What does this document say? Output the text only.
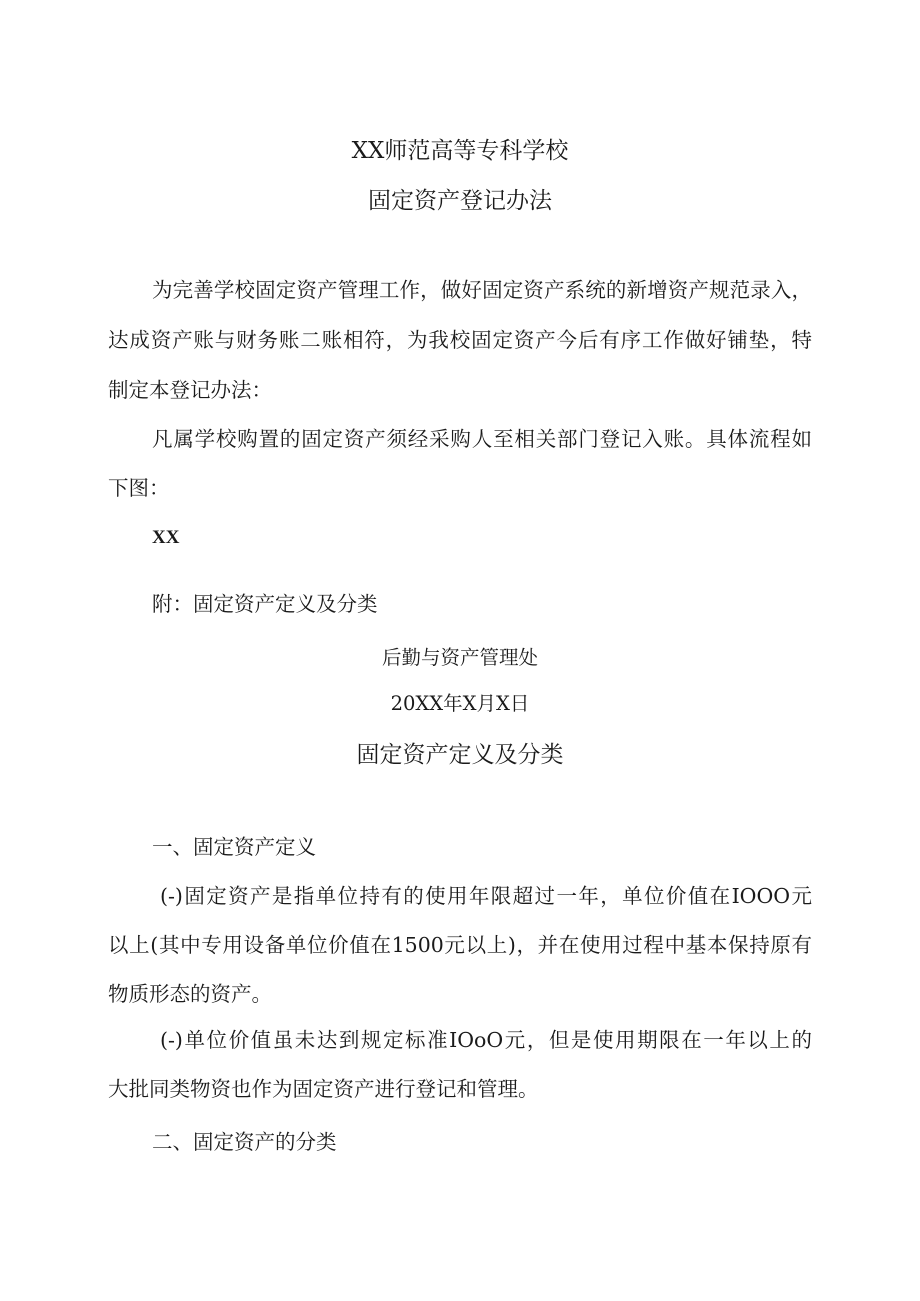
XX师范高等专科学校
固定资产登记办法
为完善学校固定资产管理工作，做好固定资产系统的新增资产规范录入，
达成资产账与财务账二账相符，为我校固定资产今后有序工作做好铺垫，特
制定本登记办法：
凡属学校购置的固定资产须经采购人至相关部门登记入账。具体流程如
下图：
XX
附：固定资产定义及分类
后勤与资产管理处
20XX年X月X日
固定资产定义及分类
一、固定资产定义
(-)固定资产是指单位持有的使用年限超过一年，单位价值在IOOO元
以上(其中专用设备单位价值在1500元以上)，并在使用过程中基本保持原有
物质形态的资产。
(-)单位价值虽未达到规定标准IOoO元，但是使用期限在一年以上的
大批同类物资也作为固定资产进行登记和管理。
二、固定资产的分类
